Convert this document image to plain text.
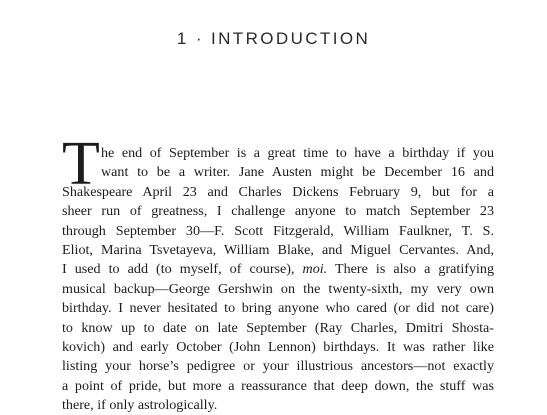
1 · INTRODUCTION
T he end of September is a great time to have a birthday if you
want to be a writer. Jane Austen might be December 16 and
Shakespeare April 23 and Charles Dickens February 9, but for a
sheer run of greatness, I challenge anyone to match September 23
through September 30—F. Scott Fitzgerald, William Faulkner, T. S.
Eliot, Marina Tsvetayeva, William Blake, and Miguel Cervantes. And,
I used to add (to myself, of course), moi. There is also a gratifying
musical backup—George Gershwin on the twenty-sixth, my very own
birthday. I never hesitated to bring anyone who cared (or did not care)
to know up to date on late September (Ray Charles, Dmitri Shosta-
kovich) and early October (John Lennon) birthdays. It was rather like
listing your horse’s pedigree or your illustrious ancestors—not exactly
a point of pride, but more a reassurance that deep down, the stuff was
there, if only astrologically.
